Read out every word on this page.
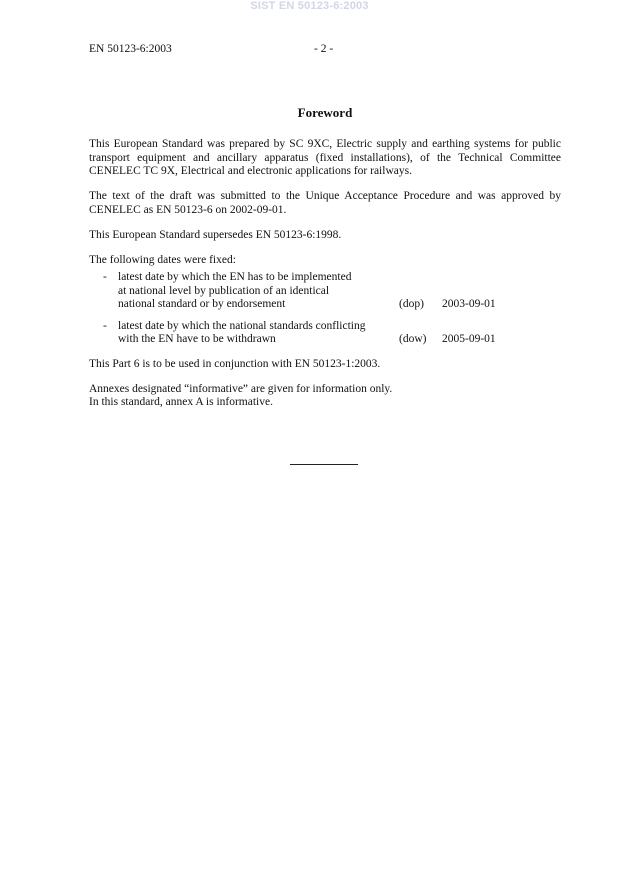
SIST EN 50123-6:2003
EN 50123-6:2003	- 2 -
Foreword

This European Standard was prepared by SC 9XC, Electric supply and earthing systems for public transport equipment and ancillary apparatus (fixed installations), of the Technical Committee CENELEC TC 9X, Electrical and electronic applications for railways.

The text of the draft was submitted to the Unique Acceptance Procedure and was approved by CENELEC as EN 50123-6 on 2002-09-01.

This European Standard supersedes EN 50123-6:1998.

The following dates were fixed:

- latest date by which the EN has to be implemented
at national level by publication of an identical
national standard or by endorsement	(dop)	2003-09-01
- latest date by which the national standards conflicting
with the EN have to be withdrawn	(dow)	2005-09-01

This Part 6 is to be used in conjunction with EN 50123-1:2003.

Annexes designated “informative” are given for information only.
In this standard, annex A is informative.
